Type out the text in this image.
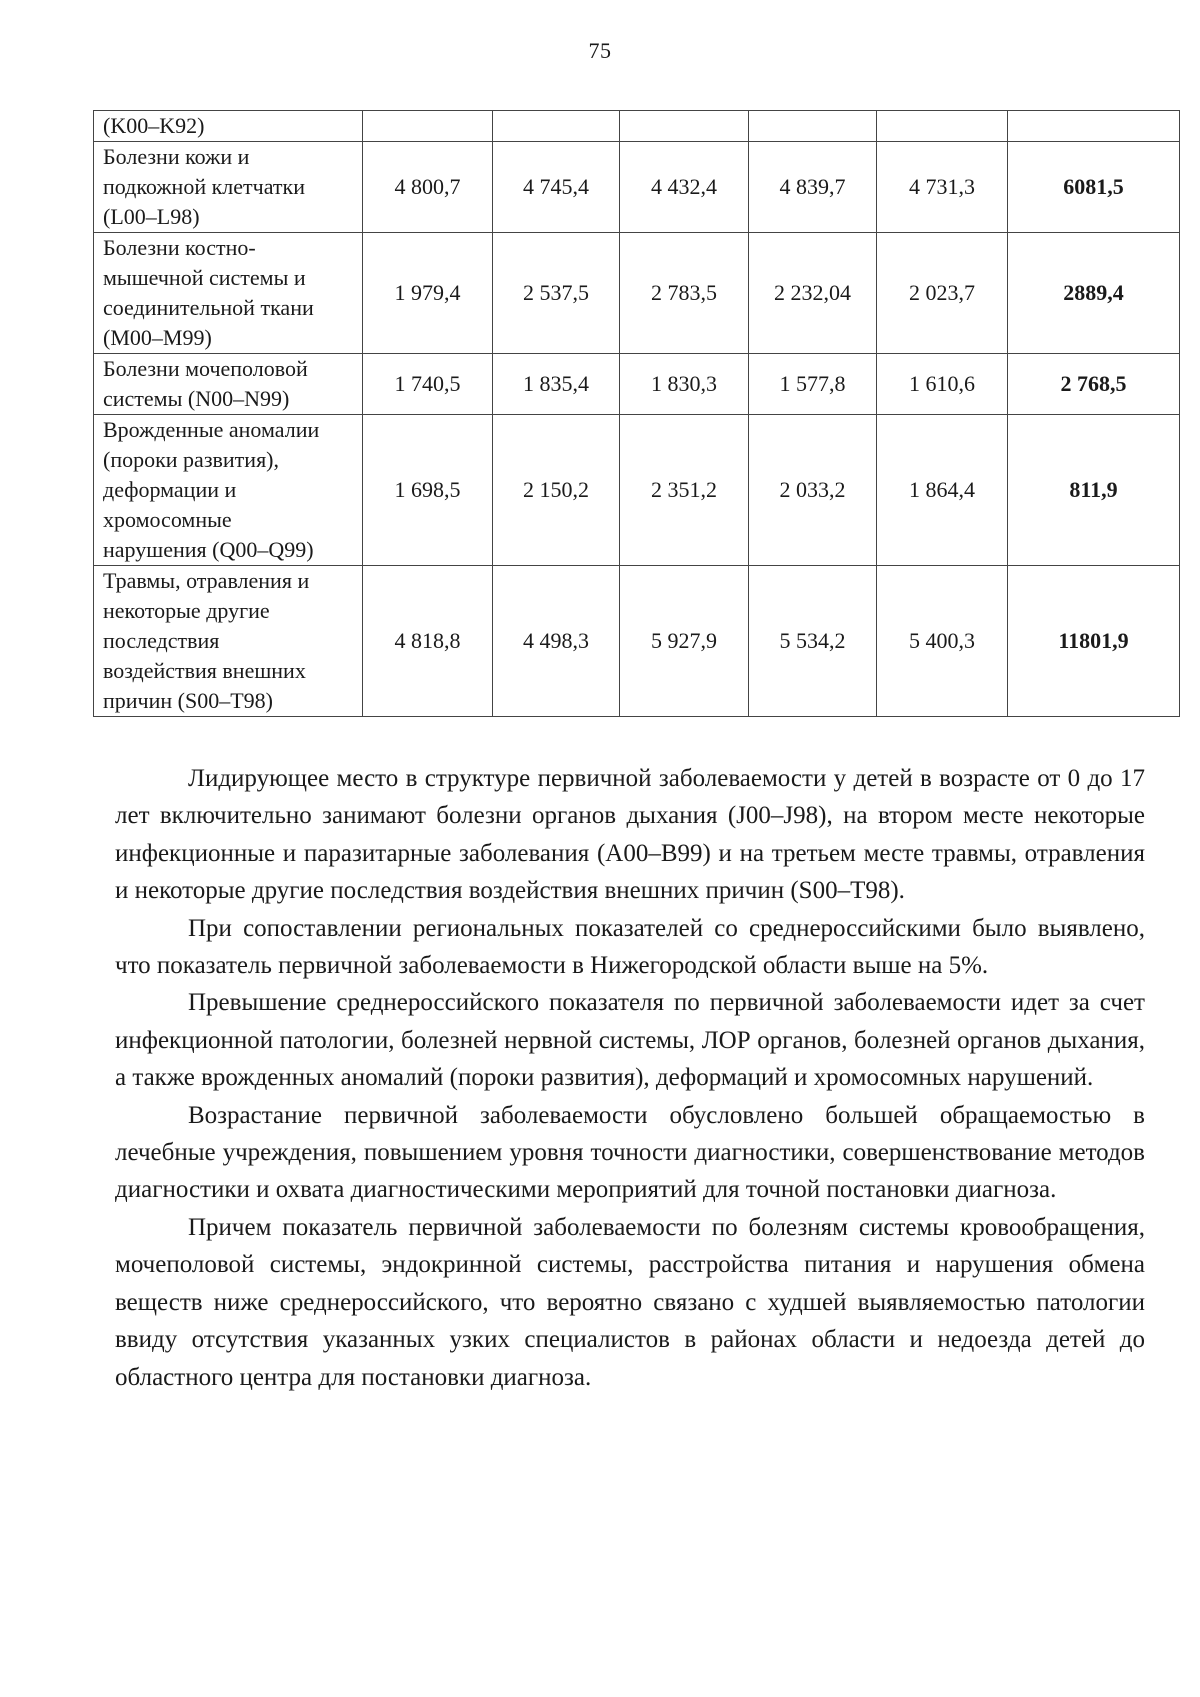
75
(K00–K92)						
Болезни кожи и
подкожной клетчатки
(L00–L98)	4 800,7	4 745,4	4 432,4	4 839,7	4 731,3	6081,5
Болезни костно-
мышечной системы и
соединительной ткани
(M00–M99)	1 979,4	2 537,5	2 783,5	2 232,04	2 023,7	2889,4
Болезни мочеполовой
системы (N00–N99)	1 740,5	1 835,4	1 830,3	1 577,8	1 610,6	2 768,5
Врожденные аномалии
(пороки развития),
деформации и
хромосомные
нарушения (Q00–Q99)	1 698,5	2 150,2	2 351,2	2 033,2	1 864,4	811,9
Травмы, отравления и
некоторые другие
последствия
воздействия внешних
причин (S00–T98)	4 818,8	4 498,3	5 927,9	5 534,2	5 400,3	11801,9

Лидирующее место в структуре первичной заболеваемости у детей в возрасте от 0 до 17 лет включительно занимают болезни органов дыхания (J00–J98), на втором месте некоторые инфекционные и паразитарные заболевания (A00–B99) и на третьем месте травмы, отравления и некоторые другие последствия воздействия внешних причин (S00–T98).

При сопоставлении региональных показателей со среднероссийскими было выявлено, что показатель первичной заболеваемости в Нижегородской области выше на 5%.

Превышение среднероссийского показателя по первичной заболеваемости идет за счет инфекционной патологии, болезней нервной системы, ЛОР органов, болезней органов дыхания, а также врожденных аномалий (пороки развития), деформаций и хромосомных нарушений.

Возрастание первичной заболеваемости обусловлено большей обращаемостью в лечебные учреждения, повышением уровня точности диагностики, совершенствование методов диагностики и охвата диагностическими мероприятий для точной постановки диагноза.

Причем показатель первичной заболеваемости по болезням системы кровообращения, мочеполовой системы, эндокринной системы, расстройства питания и нарушения обмена веществ ниже среднероссийского, что вероятно связано с худшей выявляемостью патологии ввиду отсутствия указанных узких специалистов в районах области и недоезда детей до областного центра для постановки диагноза.
